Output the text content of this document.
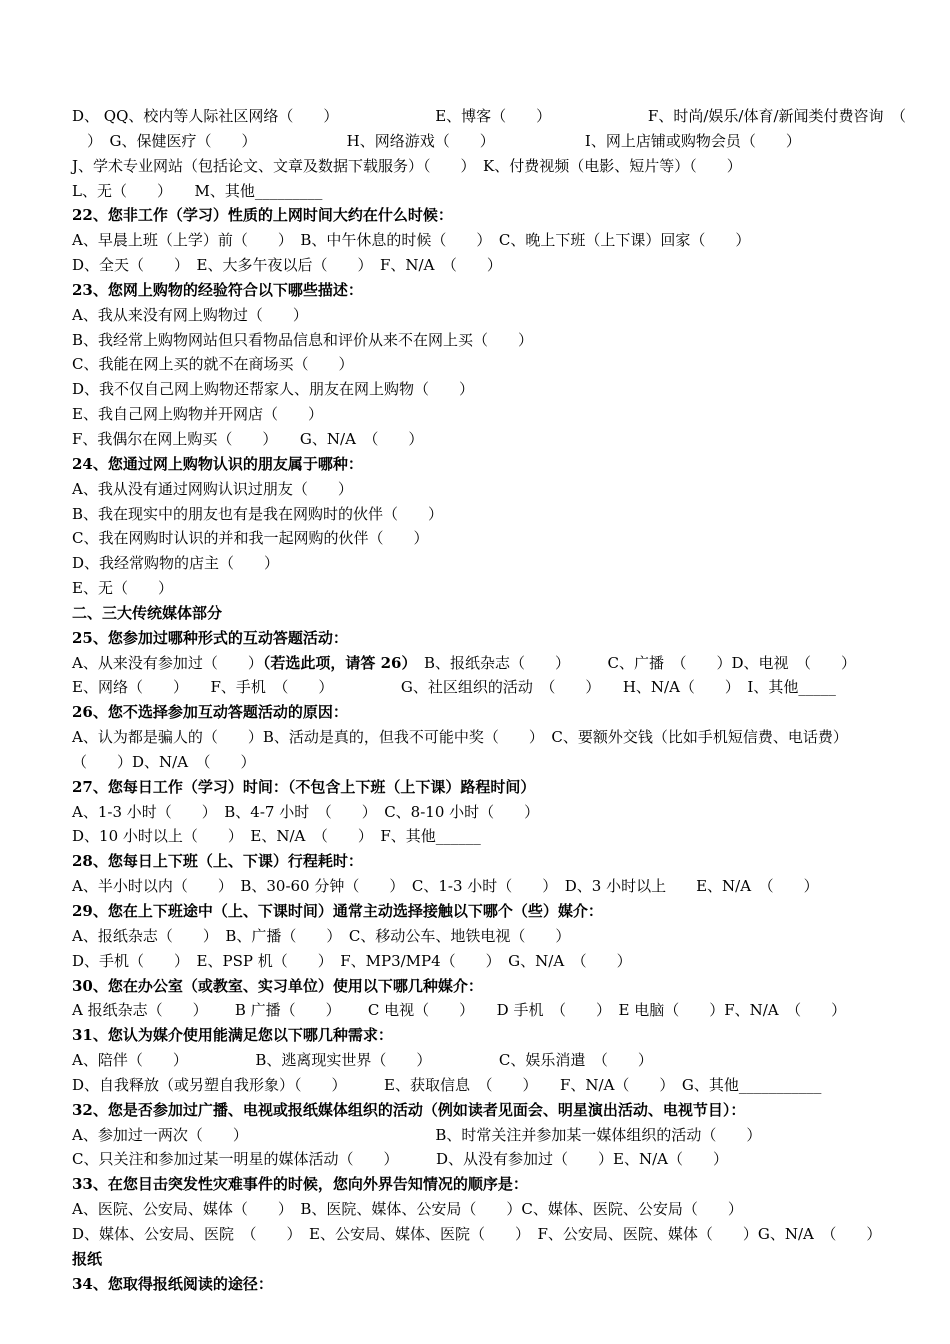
D、 QQ、校内等人际社区网络（　　）	E、博客（　　）	F、时尚/娱乐/体育/新闻类付费咨询　（
　）　G、保健医疗（　　）	H、网络游戏（　　）	I、网上店铺或购物会员（　　）

J、学术专业网站（包括论文、文章及数据下载服务）（　　）　K、付费视频（电影、短片等）（　　）
L、无（　　）　　M、其他_________
22、您非工作（学习）性质的上网时间大约在什么时候：
A、早晨上班（上学）前（　　）　B、中午休息的时候（　　）　C、晚上下班（上下课）回家（　　）
D、全天（　　）　E、大多午夜以后（　　）　F、N/A　（　　）
23、您网上购物的经验符合以下哪些描述：
A、我从来没有网上购物过（　　）
B、我经常上购物网站但只看物品信息和评价从来不在网上买（　　）
C、我能在网上买的就不在商场买（　　）
D、我不仅自己网上购物还帮家人、朋友在网上购物（　　）
E、我自己网上购物并开网店（　　）
F、我偶尔在网上购买（　　）　　G、N/A　（　　）
24、您通过网上购物认识的朋友属于哪种：
A、我从没有通过网购认识过朋友（　　）
B、我在现实中的朋友也有是我在网购时的伙伴（　　）
C、我在网购时认识的并和我一起网购的伙伴（　　）
D、我经常购物的店主（　　）
E、无（　　）
二、三大传统媒体部分
25、您参加过哪种形式的互动答题活动：
A、从来没有参加过（　　）（若选此项，请答 26）　B、报纸杂志（　　）　　　C、广播　（　　）D、电视　（　　）
E、网络（　　）　　F、手机　（　　）　　　　　G、社区组织的活动　（　　）　　H、N/A（　　）　I、其他_____
26、您不选择参加互动答题活动的原因：
A、认为都是骗人的（　　）B、活动是真的，但我不可能中奖（　　）　C、要额外交钱（比如手机短信费、电话费）
（　　）D、N/A　（　　）
27、您每日工作（学习）时间：（不包含上下班（上下课）路程时间）
A、1-3 小时（　　）　B、4-7 小时　（　　）　C、8-10 小时（　　）
D、10 小时以上（　　）　E、N/A　（　　）　F、其他______
28、您每日上下班（上、下课）行程耗时：
A、半小时以内（　　）　B、30-60 分钟（　　）　C、1-3 小时（　　）　D、3 小时以上　　E、N/A　（　　）
29、您在上下班途中（上、下课时间）通常主动选择接触以下哪个（些）媒介：
A、报纸杂志（　　）　B、广播（　　）　C、移动公车、地铁电视（　　）
D、手机（　　）　E、PSP 机（　　）　F、MP3/MP4（　　）　G、N/A　（　　）
30、您在办公室（或教室、实习单位）使用以下哪几种媒介：
A 报纸杂志（　　）　　 B 广播（　　）　　 C 电视（　　）　　D 手机　（　　）　E 电脑（　　）F、N/A　（　　）
31、您认为媒介使用能满足您以下哪几种需求：
A、陪伴（　　）　　　　　B、逃离现实世界（　　）　　　　　C、娱乐消遣　（　　）
D、自我释放（或另塑自我形象）（　　）　　　E、获取信息　（　　）　　F、N/A（　　）　G、其他___________
32、您是否参加过广播、电视或报纸媒体组织的活动（例如读者见面会、明星演出活动、电视节目）：
A、参加过一两次（　　）　　　　　　　　　　　　　B、时常关注并参加某一媒体组织的活动（　　）
C、只关注和参加过某一明星的媒体活动（　　）　　　D、从没有参加过（　　）E、N/A（　　）
33、在您目击突发性灾难事件的时候，您向外界告知情况的顺序是：
A、医院、公安局、媒体（　　）　B、医院、媒体、公安局（　　）C、媒体、医院、公安局（　　）
D、媒体、公安局、医院　（　　）　E、公安局、媒体、医院（　　）　F、公安局、医院、媒体（　　）G、N/A　（　　）
报纸
34、您取得报纸阅读的途径：
